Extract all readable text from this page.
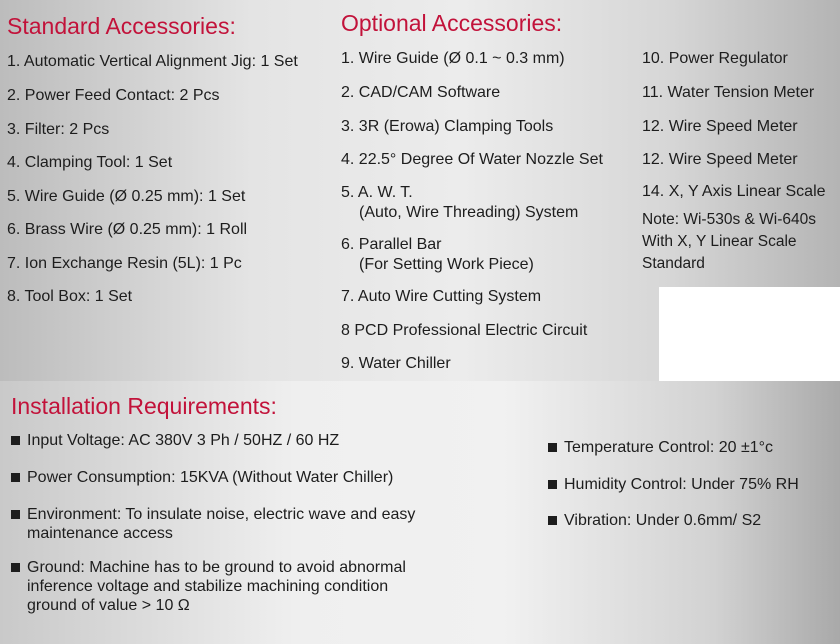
Standard Accessories:
1. Automatic Vertical Alignment Jig: 1 Set
2. Power Feed Contact: 2 Pcs
3. Filter: 2 Pcs
4. Clamping Tool: 1 Set
5. Wire Guide (Ø 0.25 mm): 1 Set
6. Brass Wire (Ø 0.25 mm): 1 Roll
7. Ion Exchange Resin (5L): 1 Pc
8. Tool Box: 1 Set
Optional Accessories:
1. Wire Guide (Ø 0.1 ~ 0.3 mm)
2. CAD/CAM Software
3. 3R (Erowa) Clamping Tools
4. 22.5° Degree Of Water Nozzle Set
5. A. W. T.
(Auto, Wire Threading) System
6. Parallel Bar
(For Setting Work Piece)
7. Auto Wire Cutting System
8 PCD Professional Electric Circuit
9. Water Chiller
10. Power Regulator
11. Water Tension Meter
12. Wire Speed Meter
12. Wire Speed Meter
14. X, Y Axis Linear Scale
Note: Wi-530s & Wi-640s
With X, Y Linear Scale
Standard
Installation Requirements:
Input Voltage: AC 380V 3 Ph / 50HZ / 60 HZ
Power Consumption: 15KVA (Without Water Chiller)
Environment: To insulate noise, electric wave and easy
maintenance access
Ground: Machine has to be ground to avoid abnormal
inference voltage and stabilize machining condition
ground of value > 10 Ω
Temperature Control: 20 ±1°c
Humidity Control: Under 75% RH
Vibration: Under 0.6mm/ S2
